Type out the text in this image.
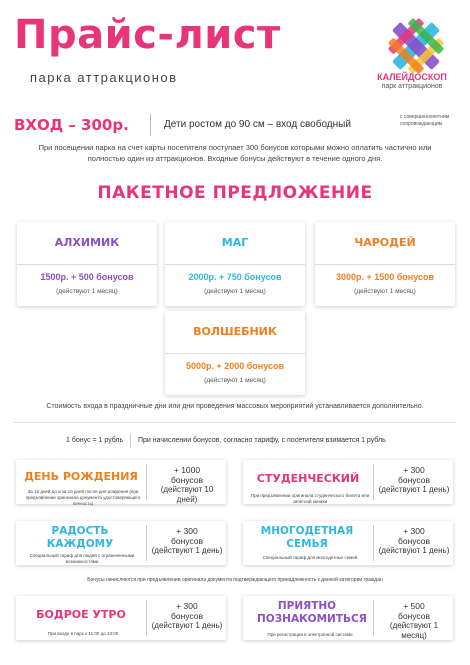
Прайс-лист
парка аттракционов	КАЛЕЙДОСКОП
парк аттракционов
ВХОД – 300р.	Дети ростом до 90 см – вход свободный
с совершеннолетним сопровождающим
При посещении парка на счет карты посетителя поступает 300 бонусов которыми можно оплатить частично или полностью один из аттракционов. Входные бонусы действуют в течение одного дня.
ПАКЕТНОЕ ПРЕДЛОЖЕНИЕ
АЛХИМИК
1500р. + 500 бонусов
(действуют 1 месяц)
МАГ
2000р. + 750 бонусов
(действуют 1 месяц)
ЧАРОДЕЙ
3000р. + 1500 бонусов
(действуют 1 месяц)
ВОЛШЕБНИК
5000р. + 2000 бонусов
(действуют 1 месяц)
Стоимость входа в праздничные дни или дни проведения массовых мероприятий устанавливается дополнительно.
1 бонус = 1 рубль При начислении бонусов, согласно тарифу, с посетителя взимается 1 рубль
ДЕНЬ РОЖДЕНИЯ
За 10 дней до и за 10 дней после дня рождения (при предъявлении оригинала документа удостоверяющего личность)
+ 1000
бонусов
(действуют 10 дней)
СТУДЕНЧЕСКИЙ
При предъявлении оригинала студенческого билета или зачетной книжки
+ 300
бонусов
(действуют 1 день)
РАДОСТЬ КАЖДОМУ
Специальный тариф для людей с ограниченными возможностями
+ 300
бонусов
(действуют 1 день)
МНОГОДЕТНАЯ СЕМЬЯ
Специальный тариф для многодетных семей
+ 300
бонусов
(действуют 1 день)
Бонусы начисляются при предъявлении оригинала документа подтверждающего принадлежность к данной категории граждан
БОДРОЕ УТРО
При входе в парк с 11:00 до 13:00
+ 300
бонусов
(действуют 1 день)
ПРИЯТНО ПОЗНАКОМИТЬСЯ
При регистрации в электронной системе
+ 500
бонусов
(действуют 1 месяц)
